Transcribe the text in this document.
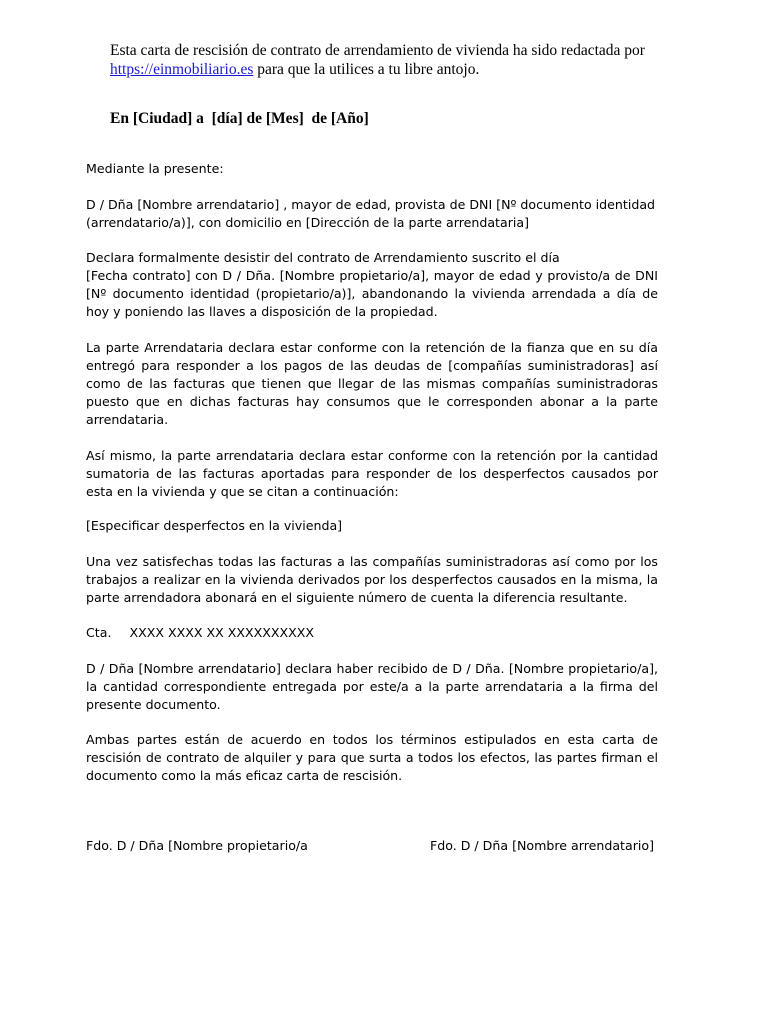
Esta carta de rescisión de contrato de arrendamiento de vivienda ha sido redactada por
https://einmobiliario.es para que la utilices a tu libre antojo.
En [Ciudad] a  [día] de [Mes]  de [Año]
Mediante la presente:
D / Dña [Nombre arrendatario] , mayor de edad, provista de DNI [Nº documento identidad
(arrendatario/a)], con domicilio en [Dirección de la parte arrendataria]
Declara formalmente desistir del contrato de Arrendamiento suscrito el día
[Fecha contrato] con D / Dña. [Nombre propietario/a], mayor de edad y provisto/a de DNI [Nº documento identidad (propietario/a)], abandonando la vivienda arrendada a día de hoy y poniendo las llaves a disposición de la propiedad.
La parte Arrendataria declara estar conforme con la retención de la fianza que en su día entregó para responder a los pagos de las deudas de [compañías suministradoras] así como de las facturas que tienen que llegar de las mismas compañías suministradoras puesto que en dichas facturas hay consumos que le corresponden abonar a la parte arrendataria.
Así mismo, la parte arrendataria declara estar conforme con la retención por la cantidad sumatoria de las facturas aportadas para responder de los desperfectos causados por esta en la vivienda y que se citan a continuación:
[Especificar desperfectos en la vivienda]
Una vez satisfechas todas las facturas a las compañías suministradoras así como por los trabajos a realizar en la vivienda derivados por los desperfectos causados en la misma, la parte arrendadora abonará en el siguiente número de cuenta la diferencia resultante.
Cta. XXXX XXXX XX XXXXXXXXXX
D / Dña [Nombre arrendatario] declara haber recibido de D / Dña. [Nombre propietario/a], la cantidad correspondiente entregada por este/a a la parte arrendataria a la firma del presente documento.
Ambas partes están de acuerdo en todos los términos estipulados en esta carta de rescisión de contrato de alquiler y para que surta a todos los efectos, las partes firman el documento como la más eficaz carta de rescisión.
Fdo. D / Dña [Nombre propietario/a	Fdo. D / Dña [Nombre arrendatario]
